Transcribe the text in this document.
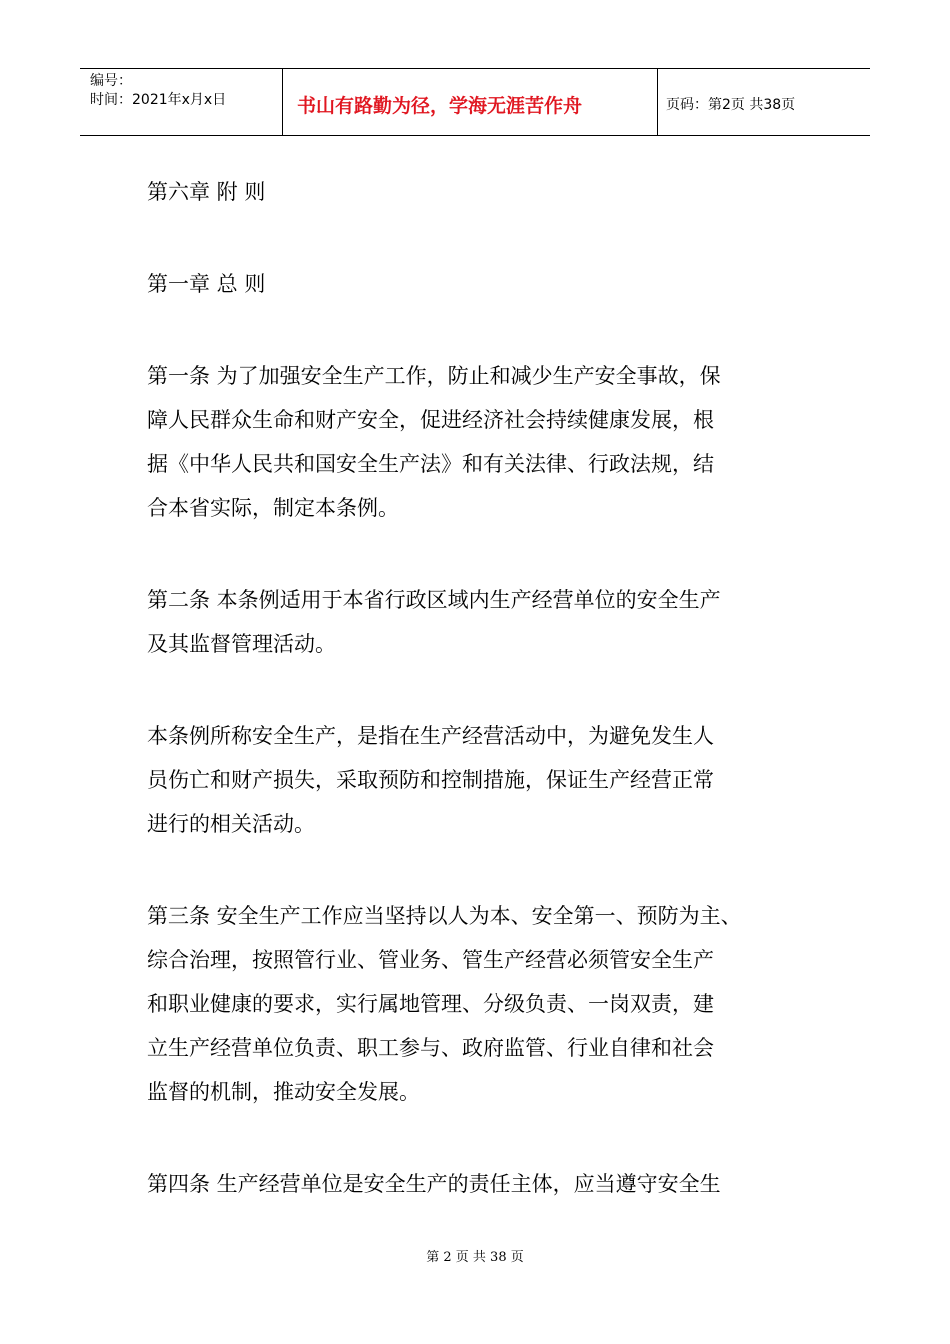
编号：
时间：2021年x月x日	书山有路勤为径，学海无涯苦作舟	页码：第2页 共38页

第六章 附 则

第一章 总 则

第一条 为了加强安全生产工作，防止和减少生产安全事故，保
障人民群众生命和财产安全，促进经济社会持续健康发展，根
据《中华人民共和国安全生产法》和有关法律、行政法规，结
合本省实际，制定本条例。

第二条 本条例适用于本省行政区域内生产经营单位的安全生产
及其监督管理活动。

本条例所称安全生产，是指在生产经营活动中，为避免发生人
员伤亡和财产损失，采取预防和控制措施，保证生产经营正常
进行的相关活动。

第三条 安全生产工作应当坚持以人为本、安全第一、预防为主、
综合治理，按照管行业、管业务、管生产经营必须管安全生产
和职业健康的要求，实行属地管理、分级负责、一岗双责，建
立生产经营单位负责、职工参与、政府监管、行业自律和社会
监督的机制，推动安全发展。

第四条 生产经营单位是安全生产的责任主体，应当遵守安全生

第 2 页 共 38 页
